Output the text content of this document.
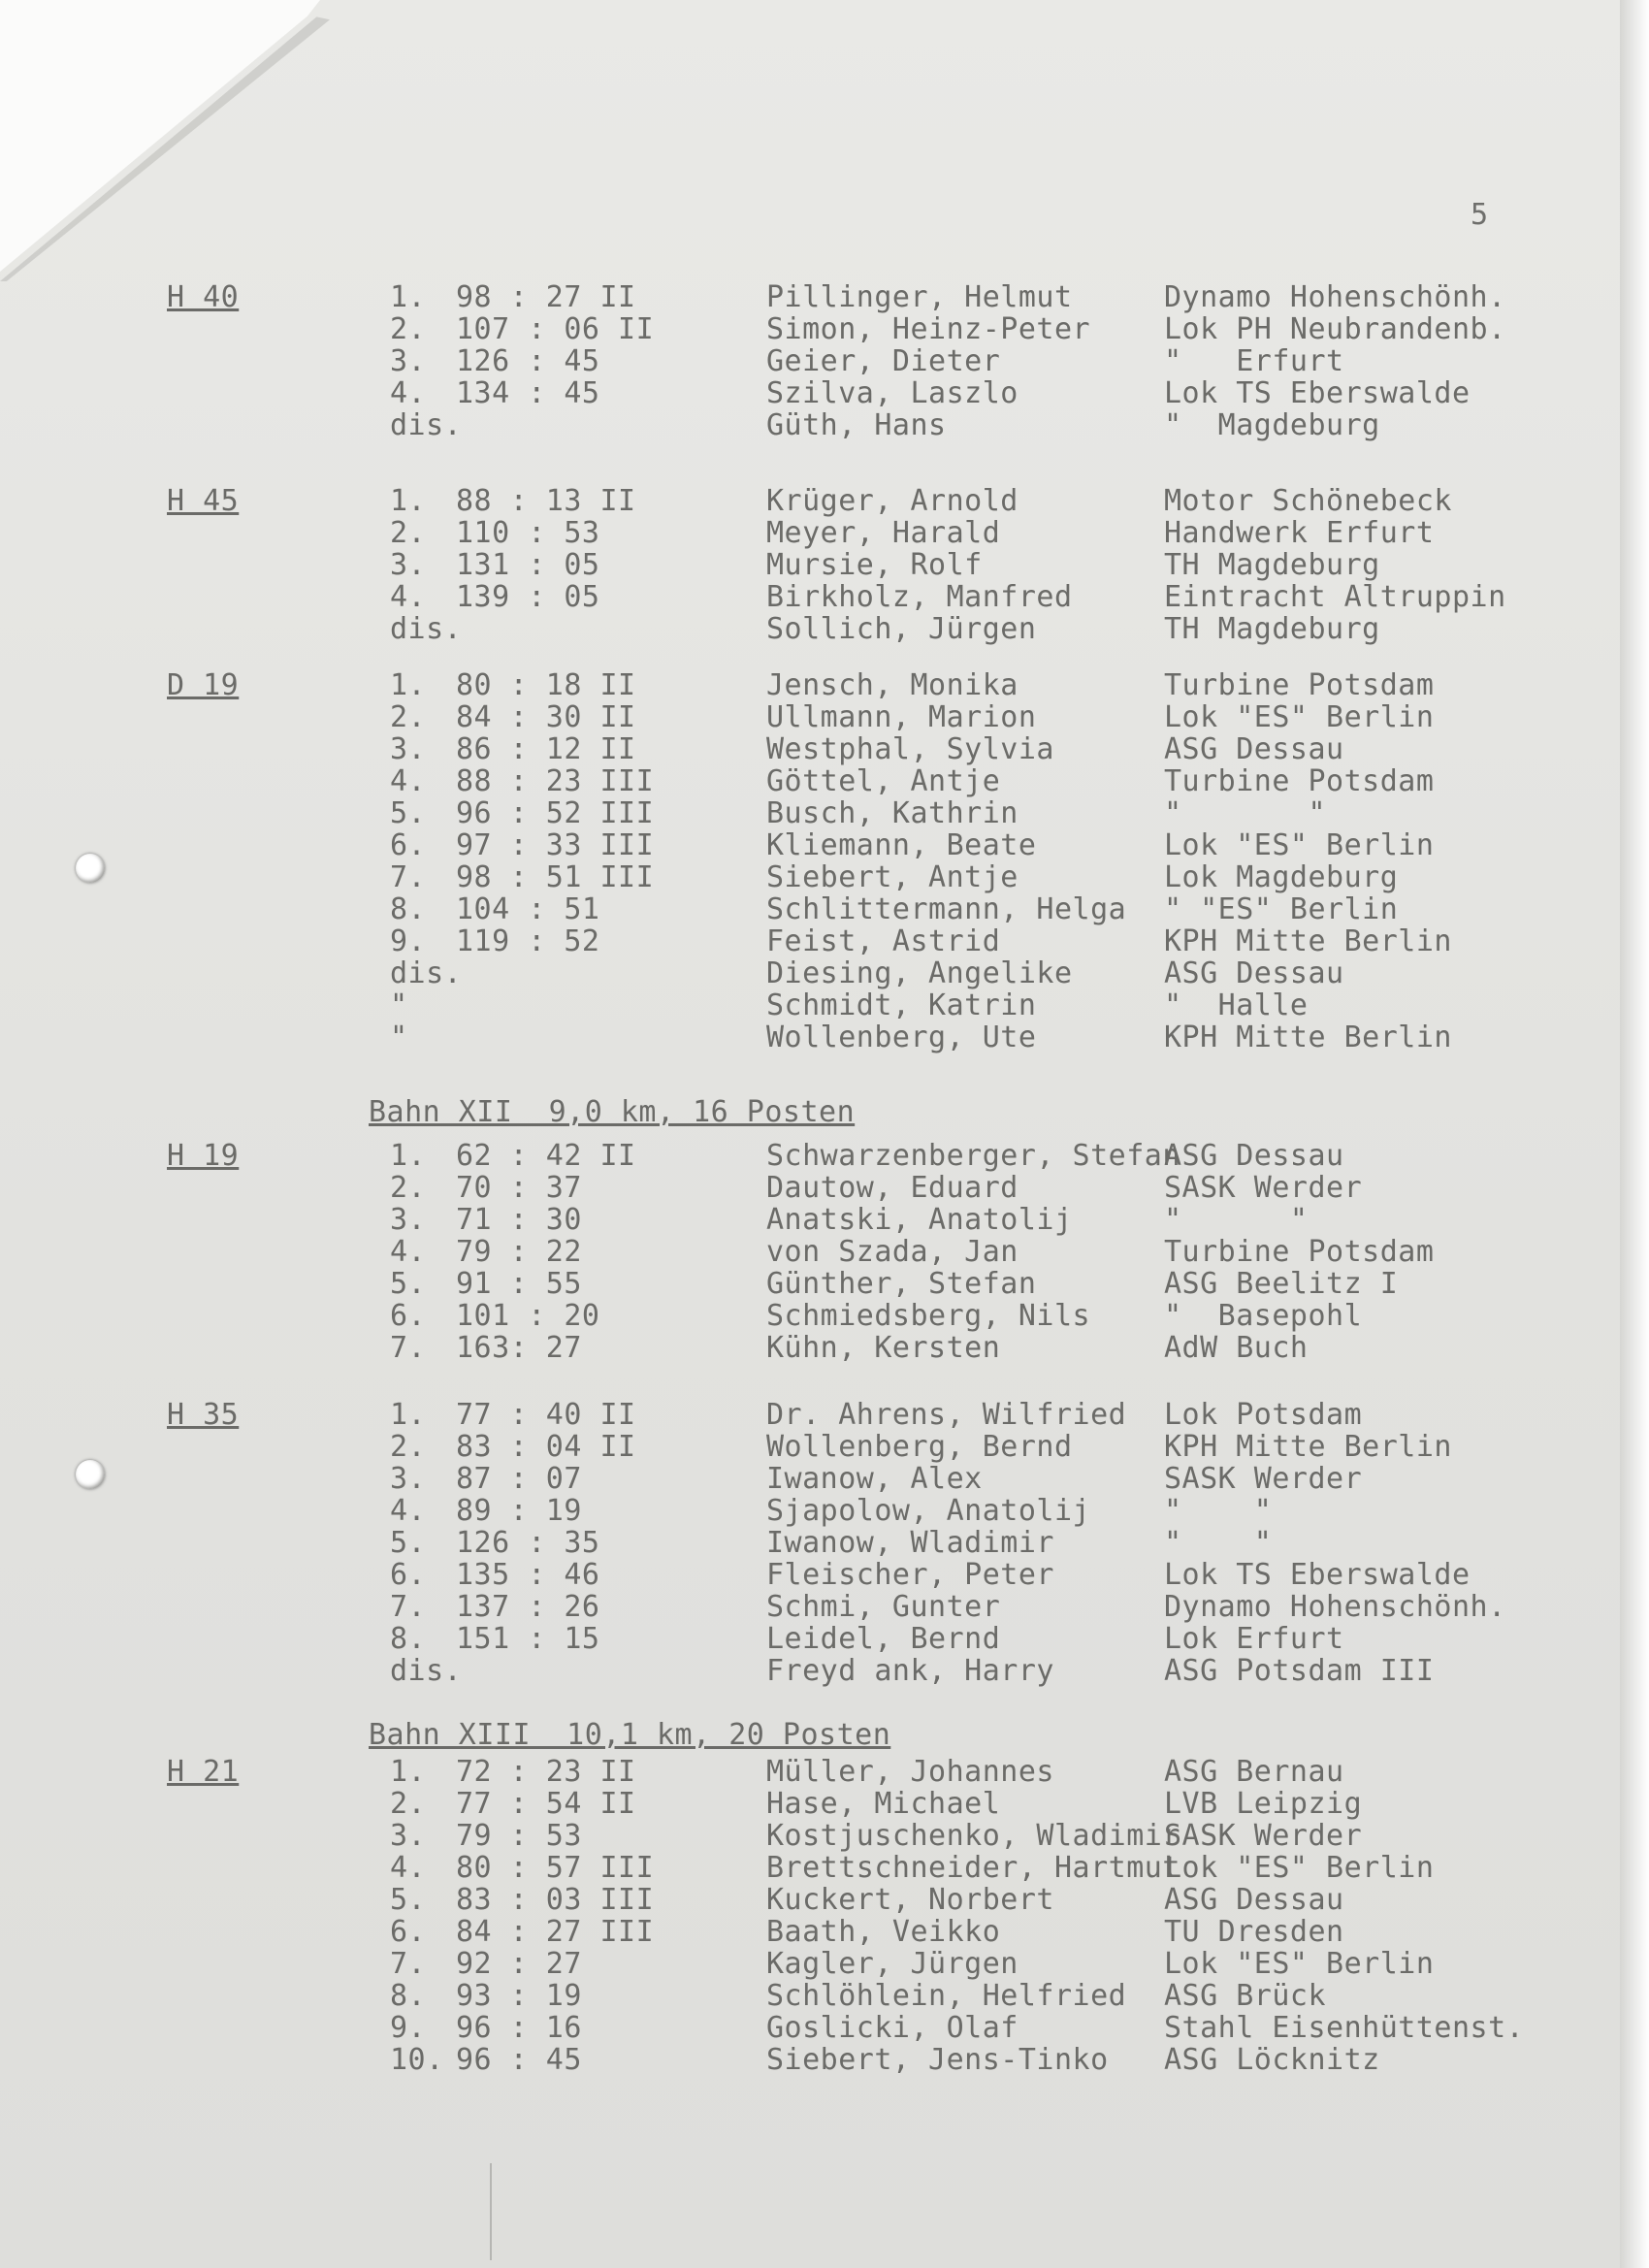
5
H 40	1. 98 : 27 II	Pillinger, Helmut	Dynamo Hohenschönh.
2. 107 : 06 II	Simon, Heinz-Peter	Lok PH Neubrandenb.
3. 126 : 45	Geier, Dieter	"   Erfurt
4. 134 : 45	Szilva, Laszlo	Lok TS Eberswalde
dis.	Güth, Hans	"  Magdeburg
H 45	1. 88 : 13 II	Krüger, Arnold	Motor Schönebeck
2. 110 : 53	Meyer, Harald	Handwerk Erfurt
3. 131 : 05	Mursie, Rolf	TH Magdeburg
4. 139 : 05	Birkholz, Manfred	Eintracht Altruppin
dis.	Sollich, Jürgen	TH Magdeburg
D 19	1. 80 : 18 II	Jensch, Monika	Turbine Potsdam
2. 84 : 30 II	Ullmann, Marion	Lok "ES" Berlin
3. 86 : 12 II	Westphal, Sylvia	ASG Dessau
4. 88 : 23 III	Göttel, Antje	Turbine Potsdam
5. 96 : 52 III	Busch, Kathrin	"       "
6. 97 : 33 III	Kliemann, Beate	Lok "ES" Berlin
7. 98 : 51 III	Siebert, Antje	Lok Magdeburg
8. 104 : 51	Schlittermann, Helga " "ES" Berlin
9. 119 : 52	Feist, Astrid	KPH Mitte Berlin
dis.	Diesing, Angelike	ASG Dessau
"	Schmidt, Katrin	"  Halle
"	Wollenberg, Ute	KPH Mitte Berlin
Bahn XII  9,0 km, 16 Posten
H 19	1. 62 : 42 II	Schwarzenberger, Stefan
ASG Dessau
2. 70 : 37	Dautow, Eduard	SASK Werder
3. 71 : 30	Anatski, Anatolij	"      "
4. 79 : 22	von Szada, Jan	Turbine Potsdam
5. 91 : 55	Günther, Stefan	ASG Beelitz I
6. 101 : 20	Schmiedsberg, Nils	"  Basepohl
7. 163: 27	Kühn, Kersten	AdW Buch
H 35	1. 77 : 40 II	Dr. Ahrens, Wilfried Lok Potsdam
2. 83 : 04 II	Wollenberg, Bernd	KPH Mitte Berlin
3. 87 : 07	Iwanow, Alex	SASK Werder
4. 89 : 19	Sjapolow, Anatolij	"    "
5. 126 : 35	Iwanow, Wladimir	"    "
6. 135 : 46	Fleischer, Peter	Lok TS Eberswalde
7. 137 : 26	Schmi, Gunter	Dynamo Hohenschönh.
8. 151 : 15	Leidel, Bernd	Lok Erfurt
dis.	Freyd ank, Harry	ASG Potsdam III
Bahn XIII  10,1 km, 20 Posten
H 21	1. 72 : 23 II	Müller, Johannes	ASG Bernau
2. 77 : 54 II	Hase, Michael	LVB Leipzig
3. 79 : 53	Kostjuschenko, Wladimir
SASK Werder
4. 80 : 57 III	Brettschneider, Hartmut
Lok "ES" Berlin
5. 83 : 03 III	Kuckert, Norbert	ASG Dessau
6. 84 : 27 III	Baath, Veikko	TU Dresden
7. 92 : 27	Kagler, Jürgen	Lok "ES" Berlin
8. 93 : 19	Schlöhlein, Helfried ASG Brück
9. 96 : 16	Goslicki, Olaf	Stahl Eisenhüttenst.
10. 96 : 45	Siebert, Jens-Tinko ASG Löcknitz
